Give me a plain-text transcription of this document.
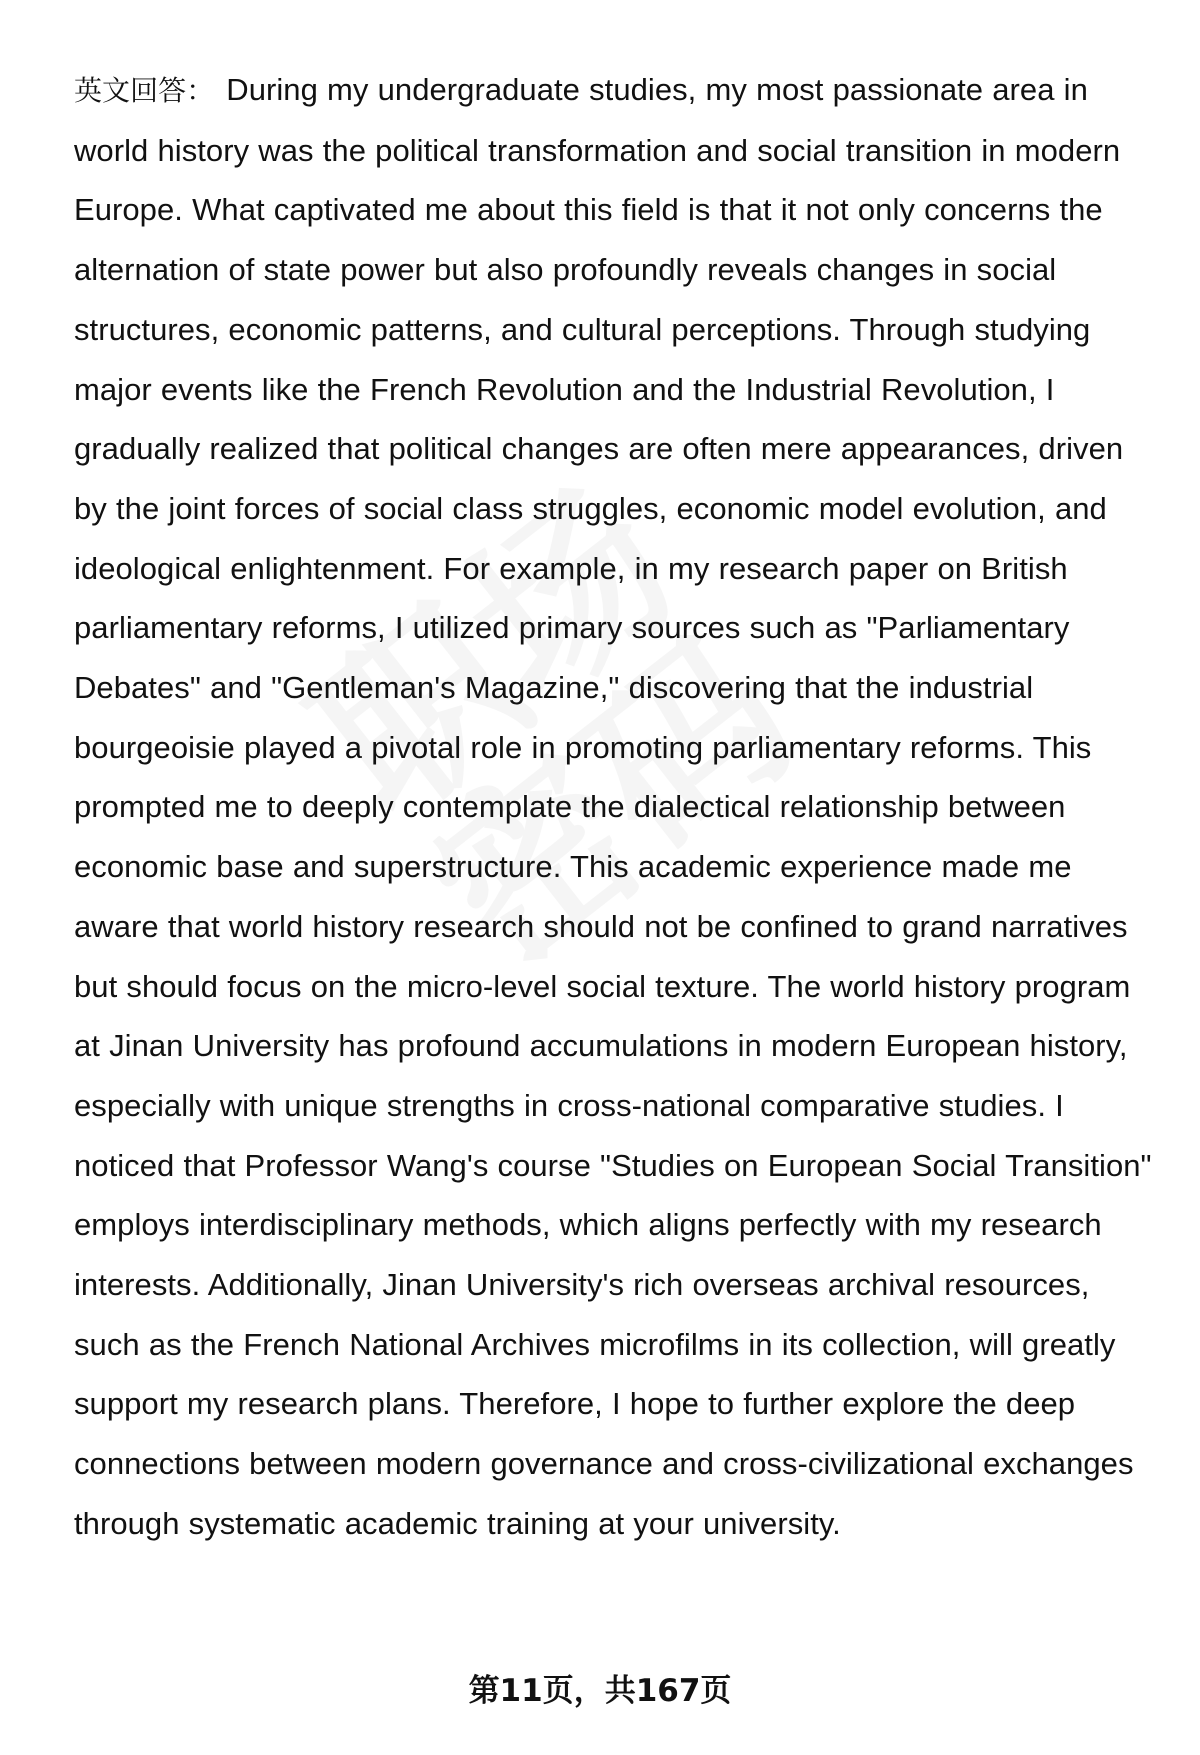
英文回答： During my undergraduate studies, my most passionate area in world history was the political transformation and social transition in modern Europe. What captivated me about this field is that it not only concerns the alternation of state power but also profoundly reveals changes in social structures, economic patterns, and cultural perceptions. Through studying major events like the French Revolution and the Industrial Revolution, I gradually realized that political changes are often mere appearances, driven by the joint forces of social class struggles, economic model evolution, and ideological enlightenment. For example, in my research paper on British parliamentary reforms, I utilized primary sources such as "Parliamentary Debates" and "Gentleman's Magazine," discovering that the industrial bourgeoisie played a pivotal role in promoting parliamentary reforms. This prompted me to deeply contemplate the dialectical relationship between economic base and superstructure. This academic experience made me aware that world history research should not be confined to grand narratives but should focus on the micro-level social texture. The world history program at Jinan University has profound accumulations in modern European history, especially with unique strengths in cross-national comparative studies. I noticed that Professor Wang's course "Studies on European Social Transition" employs interdisciplinary methods, which aligns perfectly with my research interests. Additionally, Jinan University's rich overseas archival resources, such as the French National Archives microfilms in its collection, will greatly support my research plans. Therefore, I hope to further explore the deep connections between modern governance and cross-civilizational exchanges through systematic academic training at your university.

第11页，共167页
